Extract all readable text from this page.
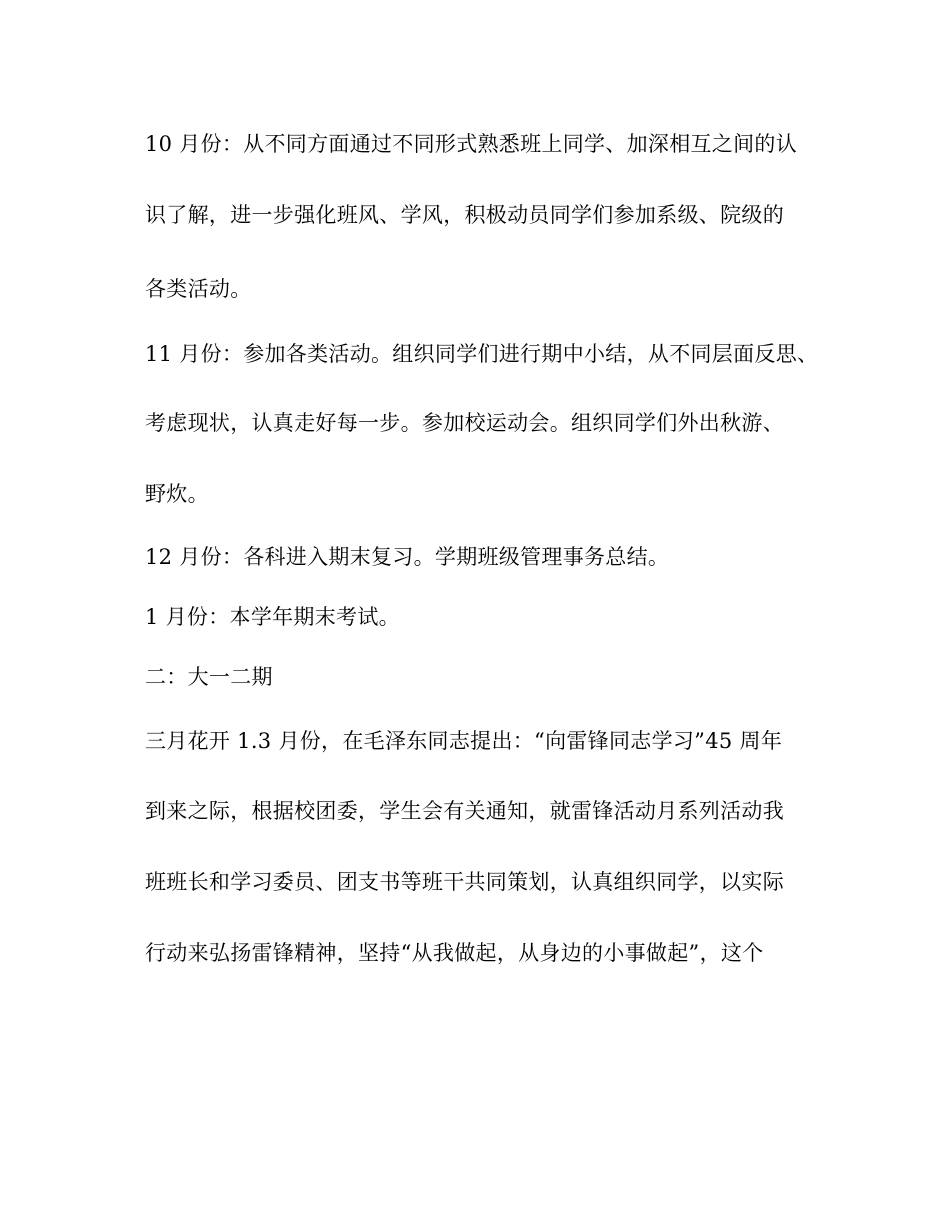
10 月份：从不同方面通过不同形式熟悉班上同学、加深相互之间的认
识了解，进一步强化班风、学风，积极动员同学们参加系级、院级的
各类活动。
11 月份：参加各类活动。组织同学们进行期中小结，从不同层面反思、
考虑现状，认真走好每一步。参加校运动会。组织同学们外出秋游、
野炊。
12 月份：各科进入期末复习。学期班级管理事务总结。
1 月份：本学年期末考试。
二：大一二期
三月花开 1.3 月份，在毛泽东同志提出：“向雷锋同志学习”45 周年
到来之际，根据校团委，学生会有关通知，就雷锋活动月系列活动我
班班长和学习委员、团支书等班干共同策划，认真组织同学，以实际
行动来弘扬雷锋精神，坚持“从我做起，从身边的小事做起”，这个
